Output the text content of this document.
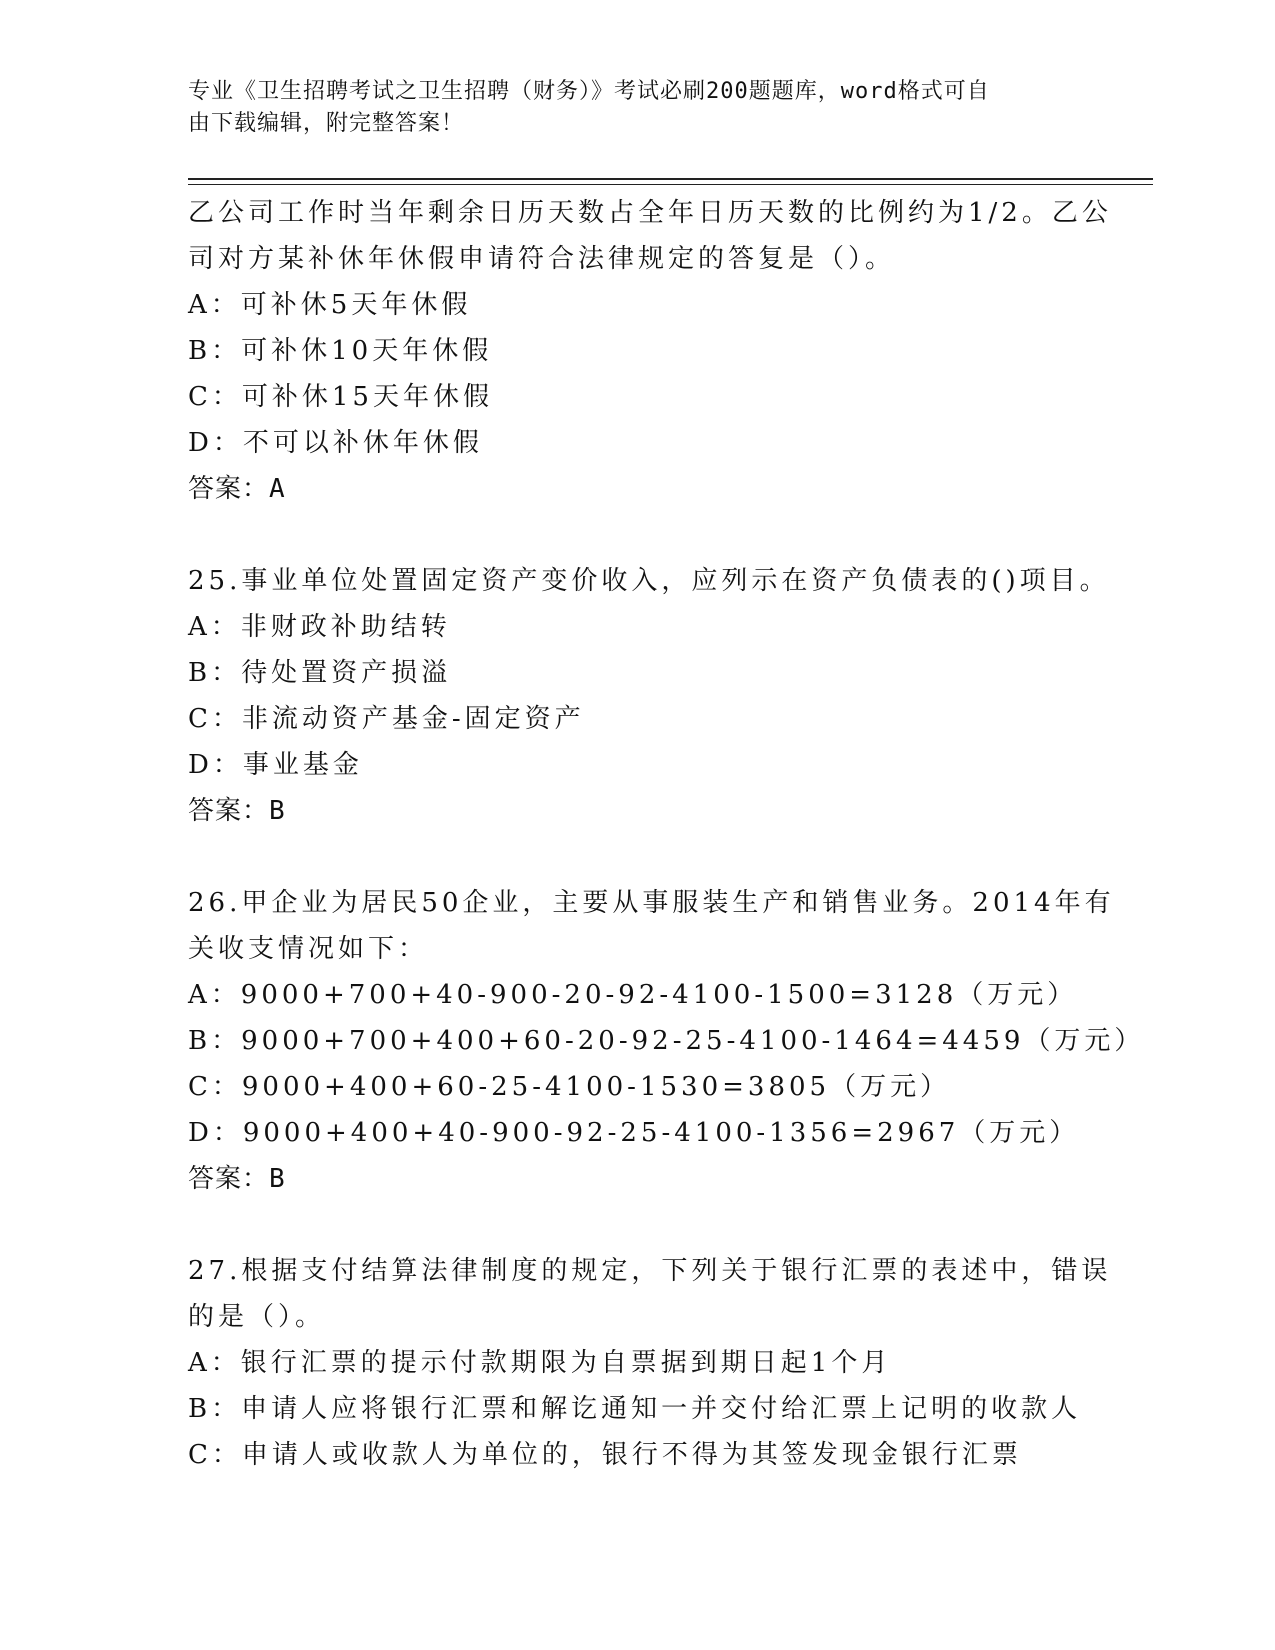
专业《卫生招聘考试之卫生招聘（财务）》考试必刷200题题库，word格式可自
由下载编辑，附完整答案！
乙公司工作时当年剩余日历天数占全年日历天数的比例约为1/2。乙公
司对方某补休年休假申请符合法律规定的答复是（）。
A：可补休5天年休假
B：可补休10天年休假
C：可补休15天年休假
D：不可以补休年休假
答案：A
25.事业单位处置固定资产变价收入，应列示在资产负债表的()项目。
A：非财政补助结转
B：待处置资产损溢
C：非流动资产基金-固定资产
D：事业基金
答案：B
26.甲企业为居民50企业，主要从事服装生产和销售业务。2014年有
关收支情况如下：
A：9000+700+40-900-20-92-4100-1500=3128（万元）
B：9000+700+400+60-20-92-25-4100-1464=4459（万元）
C：9000+400+60-25-4100-1530=3805（万元）
D：9000+400+40-900-92-25-4100-1356=2967（万元）
答案：B
27.根据支付结算法律制度的规定，下列关于银行汇票的表述中，错误
的是（）。
A：银行汇票的提示付款期限为自票据到期日起1个月
B：申请人应将银行汇票和解讫通知一并交付给汇票上记明的收款人
C：申请人或收款人为单位的，银行不得为其签发现金银行汇票
